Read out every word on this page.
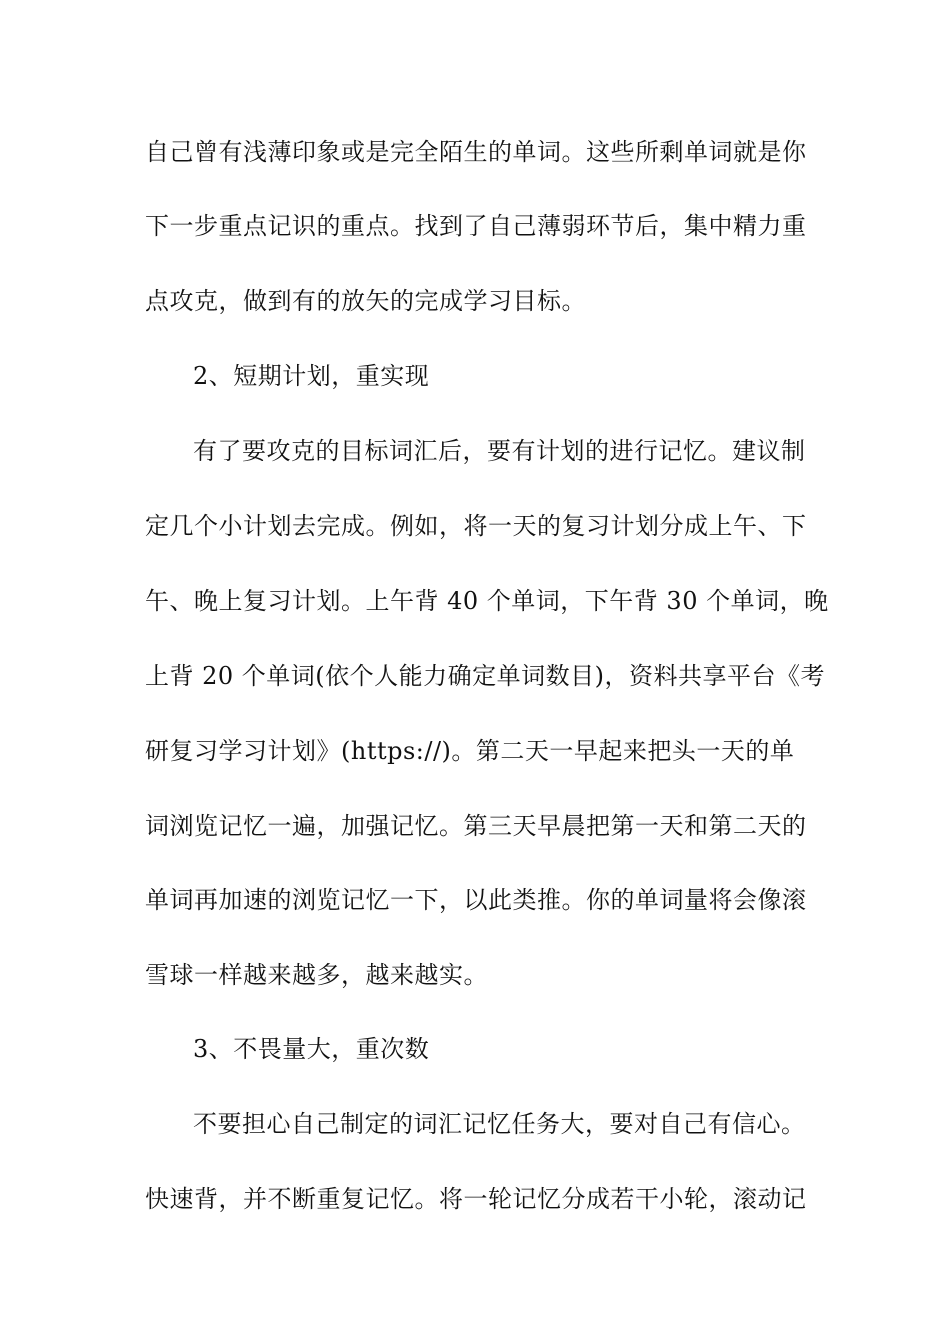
自己曾有浅薄印象或是完全陌生的单词。这些所剩单词就是你
下一步重点记识的重点。找到了自己薄弱环节后，集中精力重
点攻克，做到有的放矢的完成学习目标。
2、短期计划，重实现
有了要攻克的目标词汇后，要有计划的进行记忆。建议制
定几个小计划去完成。例如，将一天的复习计划分成上午、下
午、晚上复习计划。上午背 40 个单词，下午背 30 个单词，晚
上背 20 个单词(依个人能力确定单词数目)，资料共享平台《考
研复习学习计划》(https://)。第二天一早起来把头一天的单
词浏览记忆一遍，加强记忆。第三天早晨把第一天和第二天的
单词再加速的浏览记忆一下，以此类推。你的单词量将会像滚
雪球一样越来越多，越来越实。
3、不畏量大，重次数
不要担心自己制定的词汇记忆任务大，要对自己有信心。
快速背，并不断重复记忆。将一轮记忆分成若干小轮，滚动记
